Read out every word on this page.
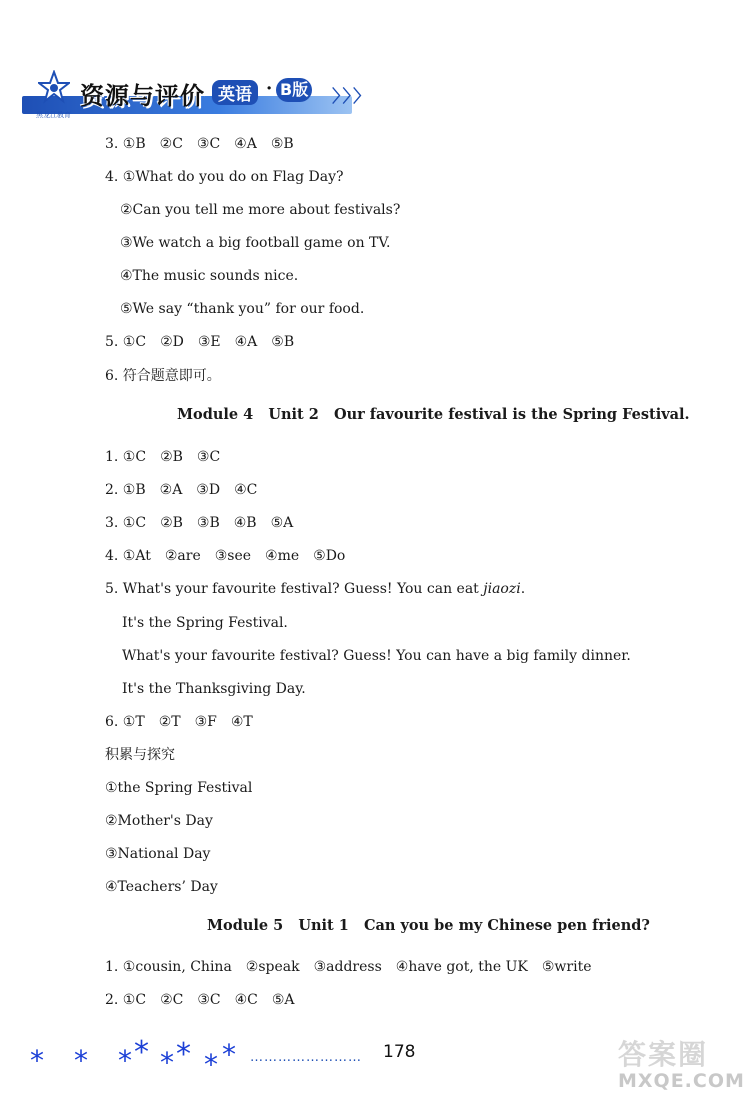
黑龙江教育
资源与评价 英语 · B版 〉〉〉
3. ①B　②C　③C　④A　⑤B
4. ①What do you do on Flag Day?
②Can you tell me more about festivals?
③We watch a big football game on TV.
④The music sounds nice.
⑤We say “thank you” for our food.
5. ①C　②D　③E　④A　⑤B
6. 符合题意即可。
Module 4 Unit 2 Our favourite festival is the Spring Festival.
1. ①C　②B　③C
2. ①B　②A　③D　④C
3. ①C　②B　③B　④B　⑤A
4. ①At　②are　③see　④me　⑤Do
5. What's your favourite festival? Guess! You can eat jiaozi.
It's the Spring Festival.
What's your favourite festival? Guess! You can have a big family dinner.
It's the Thanksgiving Day.
6. ①T　②T　③F　④T
积累与探究
①the Spring Festival
②Mother's Day
③National Day
④Teachers’ Day
Module 5 Unit 1 Can you be my Chinese pen friend?
1. ①cousin, China　②speak　③address　④have got, the UK　⑤write
2. ①C　②C　③C　④C　⑤A
* * * * * * * * …………………… 178	答案圈
MXQE.COM
